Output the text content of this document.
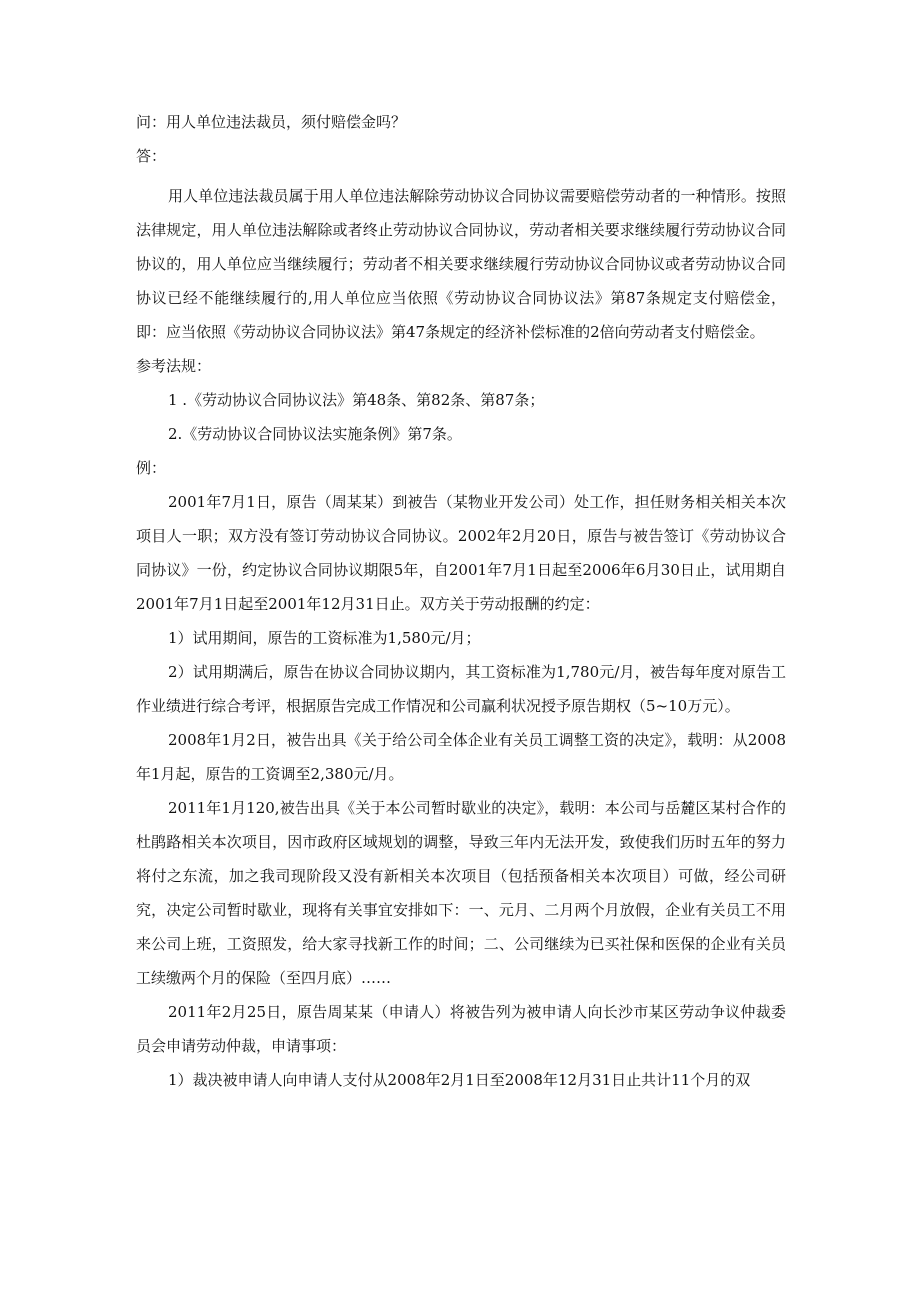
问：用人单位违法裁员，须付赔偿金吗？

答：

用人单位违法裁员属于用人单位违法解除劳动协议合同协议需要赔偿劳动者的一种情形。按照法律规定，用人单位违法解除或者终止劳动协议合同协议，劳动者相关要求继续履行劳动协议合同协议的，用人单位应当继续履行；劳动者不相关要求继续履行劳动协议合同协议或者劳动协议合同协议已经不能继续履行的,用人单位应当依照《劳动协议合同协议法》第87条规定支付赔偿金，即：应当依照《劳动协议合同协议法》第47条规定的经济补偿标准的2倍向劳动者支付赔偿金。

参考法规：

1 .《劳动协议合同协议法》第48条、第82条、第87条；

2.《劳动协议合同协议法实施条例》第7条。

例：

2001年7月1日，原告（周某某）到被告（某物业开发公司）处工作，担任财务相关相关本次项目人一职；双方没有签订劳动协议合同协议。2002年2月20日，原告与被告签订《劳动协议合同协议》一份，约定协议合同协议期限5年，自2001年7月1日起至2006年6月30日止，试用期自2001年7月1日起至2001年12月31日止。双方关于劳动报酬的约定：

1）试用期间，原告的工资标准为1,580元/月；

2）试用期满后，原告在协议合同协议期内，其工资标准为1,780元/月，被告每年度对原告工作业绩进行综合考评，根据原告完成工作情况和公司赢利状况授予原告期权（5~10万元）。

2008年1月2日，被告出具《关于给公司全体企业有关员工调整工资的决定》，载明：从2008年1月起，原告的工资调至2,380元/月。

2011年1月120,被告出具《关于本公司暂时歇业的决定》，载明：本公司与岳麓区某村合作的杜鹃路相关本次项目，因市政府区域规划的调整，导致三年内无法开发，致使我们历时五年的努力将付之东流，加之我司现阶段又没有新相关本次项目（包括预备相关本次项目）可做，经公司研究，决定公司暂时歇业，现将有关事宜安排如下：一、元月、二月两个月放假，企业有关员工不用来公司上班，工资照发，给大家寻找新工作的时间；二、公司继续为已买社保和医保的企业有关员工续缴两个月的保险（至四月底）……

2011年2月25日，原告周某某（申请人）将被告列为被申请人向长沙市某区劳动争议仲裁委员会申请劳动仲裁，申请事项：

1）裁决被申请人向申请人支付从2008年2月1日至2008年12月31日止共计11个月的双
